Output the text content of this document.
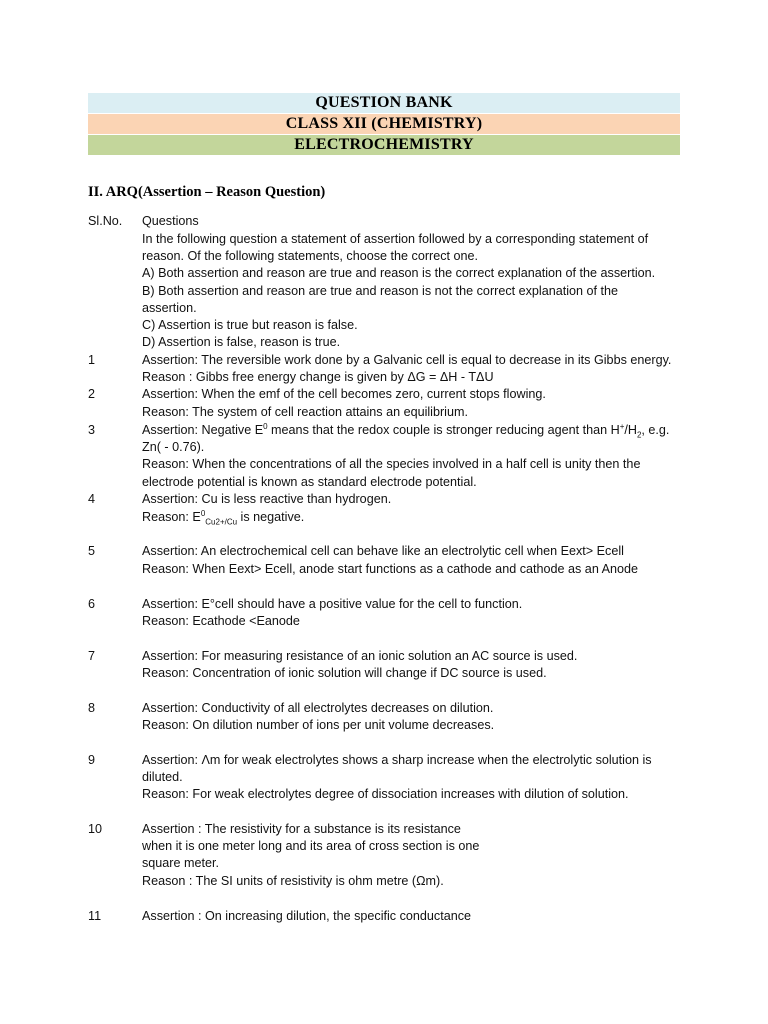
QUESTION BANK
CLASS XII (CHEMISTRY)
ELECTROCHEMISTRY
II. ARQ(Assertion – Reason Question)
Sl.No. Questions
In the following question a statement of assertion followed by a corresponding statement of
reason. Of the following statements, choose the correct one.
A) Both assertion and reason are true and reason is the correct explanation of the assertion.
B) Both assertion and reason are true and reason is not the correct explanation of the
assertion.
C) Assertion is true but reason is false.
D) Assertion is false, reason is true.
1	Assertion: The reversible work done by a Galvanic cell is equal to decrease in its Gibbs energy.
Reason : Gibbs free energy change is given by ΔG = ΔH - TΔU
2	Assertion: When the emf of the cell becomes zero, current stops flowing.
Reason: The system of cell reaction attains an equilibrium.
3	Assertion: Negative $E^0$ means that the redox couple is stronger reducing agent than $H^+/H_2$, e.g.
Zn( - 0.76).
Reason: When the concentrations of all the species involved in a half cell is unity then the
electrode potential is known as standard electrode potential.
4	Assertion: Cu is less reactive than hydrogen.
Reason: $E^0_{Cu2+/Cu}$ is negative.
5	Assertion: An electrochemical cell can behave like an electrolytic cell when Eext> Ecell
Reason: When Eext> Ecell, anode start functions as a cathode and cathode as an Anode
6	Assertion: E°cell should have a positive value for the cell to function.
Reason: Ecathode <Eanode
7	Assertion: For measuring resistance of an ionic solution an AC source is used.
Reason: Concentration of ionic solution will change if DC source is used.
8	Assertion: Conductivity of all electrolytes decreases on dilution.
Reason: On dilution number of ions per unit volume decreases.
9	Assertion: Λm for weak electrolytes shows a sharp increase when the electrolytic solution is
diluted.
Reason: For weak electrolytes degree of dissociation increases with dilution of solution.
10	Assertion : The resistivity for a substance is its resistance
when it is one meter long and its area of cross section is one
square meter.
Reason : The SI units of resistivity is ohm metre (Ωm).
11	Assertion : On increasing dilution, the specific conductance
